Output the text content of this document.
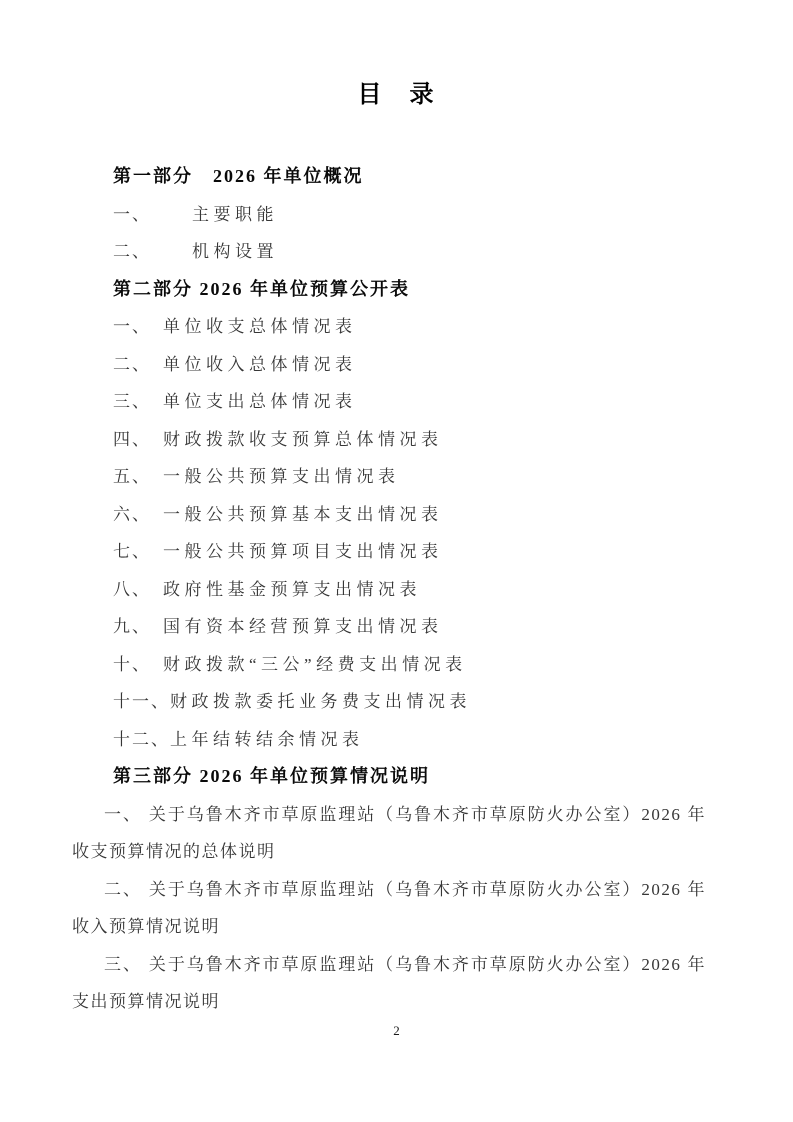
目　录
第一部分　2026 年单位概况
一、 主要职能
二、 机构设置
第二部分 2026 年单位预算公开表
一、 单位收支总体情况表
二、 单位收入总体情况表
三、 单位支出总体情况表
四、 财政拨款收支预算总体情况表
五、 一般公共预算支出情况表
六、 一般公共预算基本支出情况表
七、 一般公共预算项目支出情况表
八、 政府性基金预算支出情况表
九、 国有资本经营预算支出情况表
十、 财政拨款“三公”经费支出情况表
十一、财政拨款委托业务费支出情况表
十二、上年结转结余情况表
第三部分 2026 年单位预算情况说明

一、 关于乌鲁木齐市草原监理站（乌鲁木齐市草原防火办公室）2026 年收支预算情况的总体说明

二、 关于乌鲁木齐市草原监理站（乌鲁木齐市草原防火办公室）2026 年收入预算情况说明

三、 关于乌鲁木齐市草原监理站（乌鲁木齐市草原防火办公室）2026 年支出预算情况说明

2
